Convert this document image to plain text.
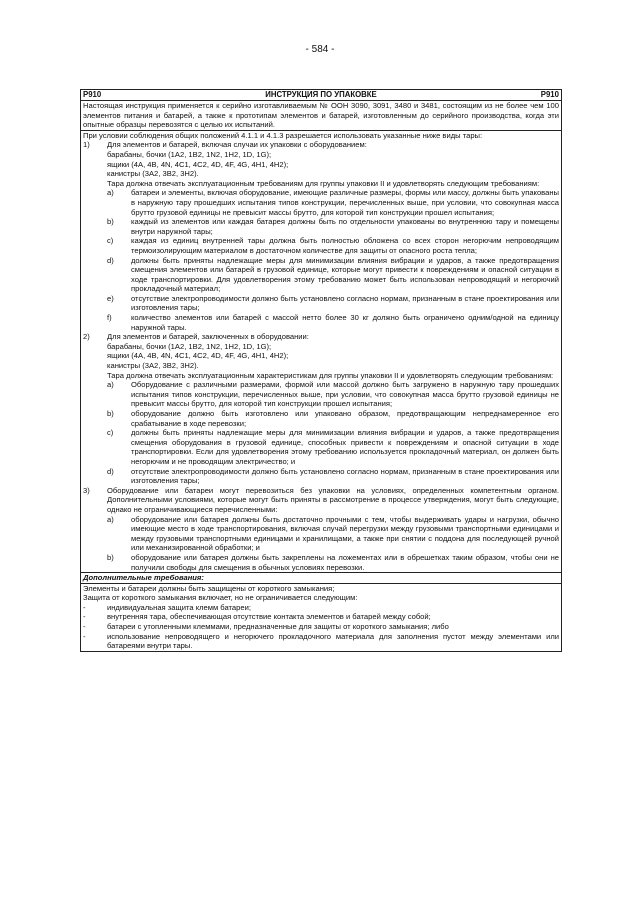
- 584 -
P910	ИНСТРУКЦИЯ ПО УПАКОВКЕ	P910

Настоящая инструкция применяется к серийно изготавливаемым № ООН 3090, 3091, 3480 и 3481, состоящим из не более чем 100 элементов питания и батарей, а также к прототипам элементов и батарей, изготовленным до серийного производства, когда эти опытные образцы перевозятся с целью их испытаний.

При условии соблюдения общих положений 4.1.1 и 4.1.3 разрешается использовать указанные ниже виды тары:

1)	Для элементов и батарей, включая случаи их упаковки с оборудованием:
барабаны, бочки (1A2, 1B2, 1N2, 1H2, 1D, 1G);
ящики (4A, 4B, 4N, 4C1, 4C2, 4D, 4F, 4G, 4H1, 4H2);
канистры (3A2, 3B2, 3H2).

Тара должна отвечать эксплуатационным требованиям для группы упаковки II и удовлетворять следующим требованиям:

a)	батареи и элементы, включая оборудование, имеющие различные размеры, формы или массу, должны быть упакованы в наружную тару прошедших испытания типов конструкции, перечисленных выше, при условии, что совокупная масса брутто грузовой единицы не превысит массы брутто, для которой тип конструкции прошел испытания;
b)	каждый из элементов или каждая батарея должны быть по отдельности упакованы во внутреннюю тару и помещены внутри наружной тары;
c)	каждая из единиц внутренней тары должна быть полностью обложена со всех сторон негорючим непроводящим термоизолирующим материалом в достаточном количестве для защиты от опасного роста тепла;
d)	должны быть приняты надлежащие меры для минимизации влияния вибрации и ударов, а также предотвращения смещения элементов или батарей в грузовой единице, которые могут привести к повреждениям и опасной ситуации в ходе транспортировки. Для удовлетворения этому требованию может быть использован непроводящий и негорючий прокладочный материал;
e)	отсутствие электропроводимости должно быть установлено согласно нормам, признанным в стане проектирования или изготовления тары;
f)	количество элементов или батарей с массой нетто более 30 кг должно быть ограничено одним/одной на единицу наружной тары.
2)	Для элементов и батарей, заключенных в оборудовании:
барабаны, бочки (1A2, 1B2, 1N2, 1H2, 1D, 1G);
ящики (4A, 4B, 4N, 4C1, 4C2, 4D, 4F, 4G, 4H1, 4H2);
канистры (3A2, 3B2, 3H2).

Тара должна отвечать эксплуатационным характеристикам для группы упаковки II и удовлетворять следующим требованиям:

a)	Оборудование с различными размерами, формой или массой должно быть загружено в наружную тару прошедших испытания типов конструкции, перечисленных выше, при условии, что совокупная масса брутто грузовой единицы не превысит массы брутто, для которой тип конструкции прошел испытания;
b)	оборудование должно быть изготовлено или упаковано образом, предотвращающим непреднамеренное его срабатывание в ходе перевозки;
c)	должны быть приняты надлежащие меры для минимизации влияния вибрации и ударов, а также предотвращения смещения оборудования в грузовой единице, способных привести к повреждениям и опасной ситуации в ходе транспортировки. Если для удовлетворения этому требованию используется прокладочный материал, он должен быть негорючим и не проводящим электричество; и
d)	отсутствие электропроводимости должно быть установлено согласно нормам, признанным в стане проектирования или изготовления тары;
3)	Оборудование или батареи могут перевозиться без упаковки на условиях, определенных компетентным органом. Дополнительными условиями, которые могут быть приняты в рассмотрение в процессе утверждения, могут быть следующие, однако не ограничивающиеся перечисленными:
a)	оборудование или батарея должны быть достаточно прочными с тем, чтобы выдерживать удары и нагрузки, обычно имеющие место в ходе транспортирования, включая случай перегрузки между грузовыми транспортными единицами и между грузовыми транспортными единицами и хранилищами, а также при снятии с поддона для последующей ручной или механизированной обработки; и
b)	оборудование или батарея должны быть закреплены на ложементах или в обрешетках таким образом, чтобы они не получили свободы для смещения в обычных условиях перевозки.
Дополнительные требования:
Элементы и батареи должны быть защищены от короткого замыкания;
Защита от короткого замыкания включает, но не ограничивается следующим:
-	индивидуальная защита клемм батареи;
-	внутренняя тара, обеспечивающая отсутствие контакта элементов и батарей между собой;
-	батареи с утопленными клеммами, предназначенные для защиты от короткого замыкания; либо
-	использование непроводящего и негорючего прокладочного материала для заполнения пустот между элементами или батареями внутри тары.
